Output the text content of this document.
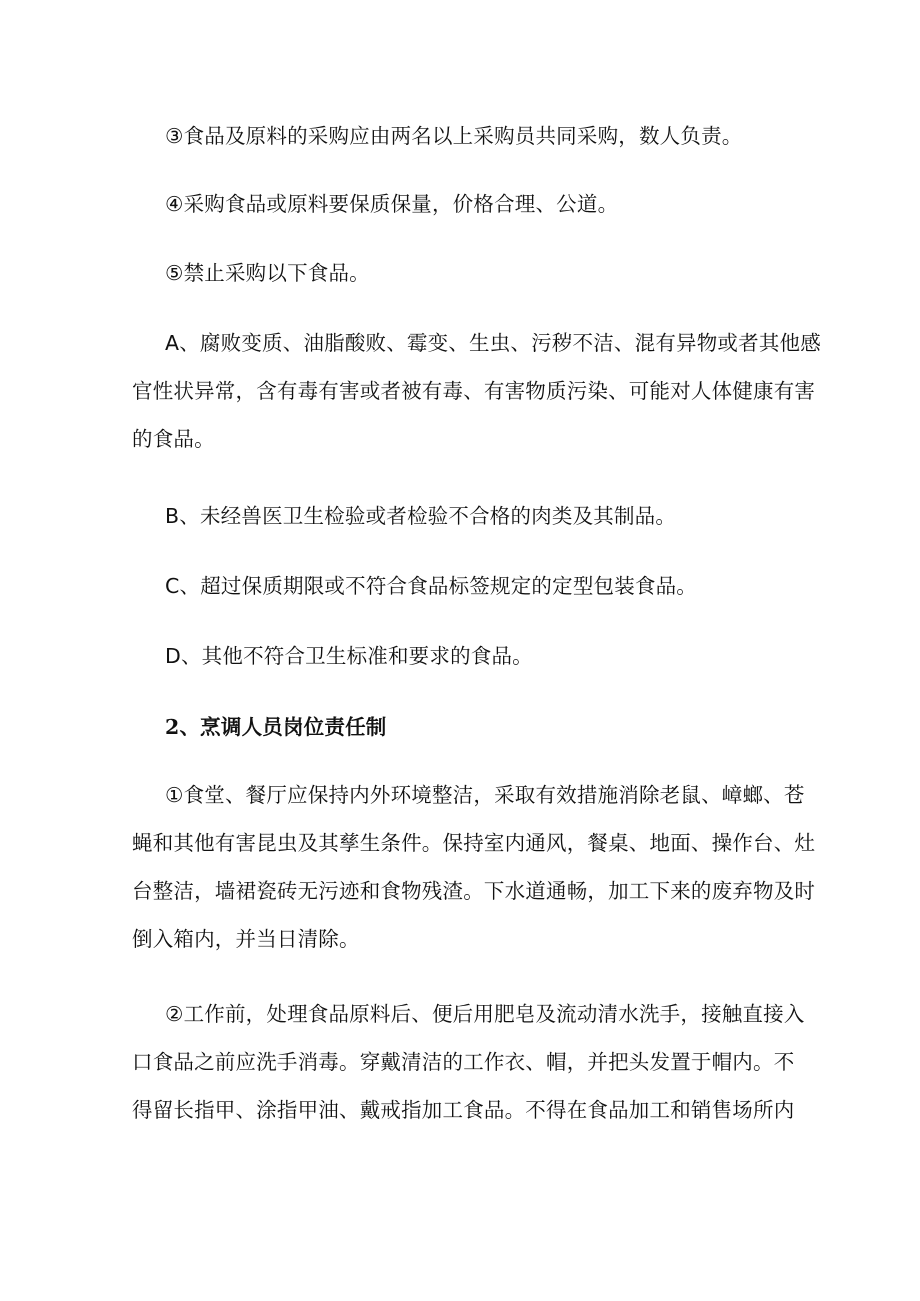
③食品及原料的采购应由两名以上采购员共同采购，数人负责。

④采购食品或原料要保质保量，价格合理、公道。

⑤禁止采购以下食品。

A、腐败变质、油脂酸败、霉变、生虫、污秽不洁、混有异物或者其他感
官性状异常，含有毒有害或者被有毒、有害物质污染、可能对人体健康有害
的食品。

B、未经兽医卫生检验或者检验不合格的肉类及其制品。

C、超过保质期限或不符合食品标签规定的定型包装食品。

D、其他不符合卫生标准和要求的食品。

2、烹调人员岗位责任制

①食堂、餐厅应保持内外环境整洁，采取有效措施消除老鼠、嶂螂、苍
蝇和其他有害昆虫及其孳生条件。保持室内通风，餐桌、地面、操作台、灶
台整洁，墙裙瓷砖无污迹和食物残渣。下水道通畅，加工下来的废弃物及时
倒入箱内，并当日清除。

②工作前，处理食品原料后、便后用肥皂及流动清水洗手，接触直接入
口食品之前应洗手消毒。穿戴清洁的工作衣、帽，并把头发置于帽内。不
得留长指甲、涂指甲油、戴戒指加工食品。不得在食品加工和销售场所内
